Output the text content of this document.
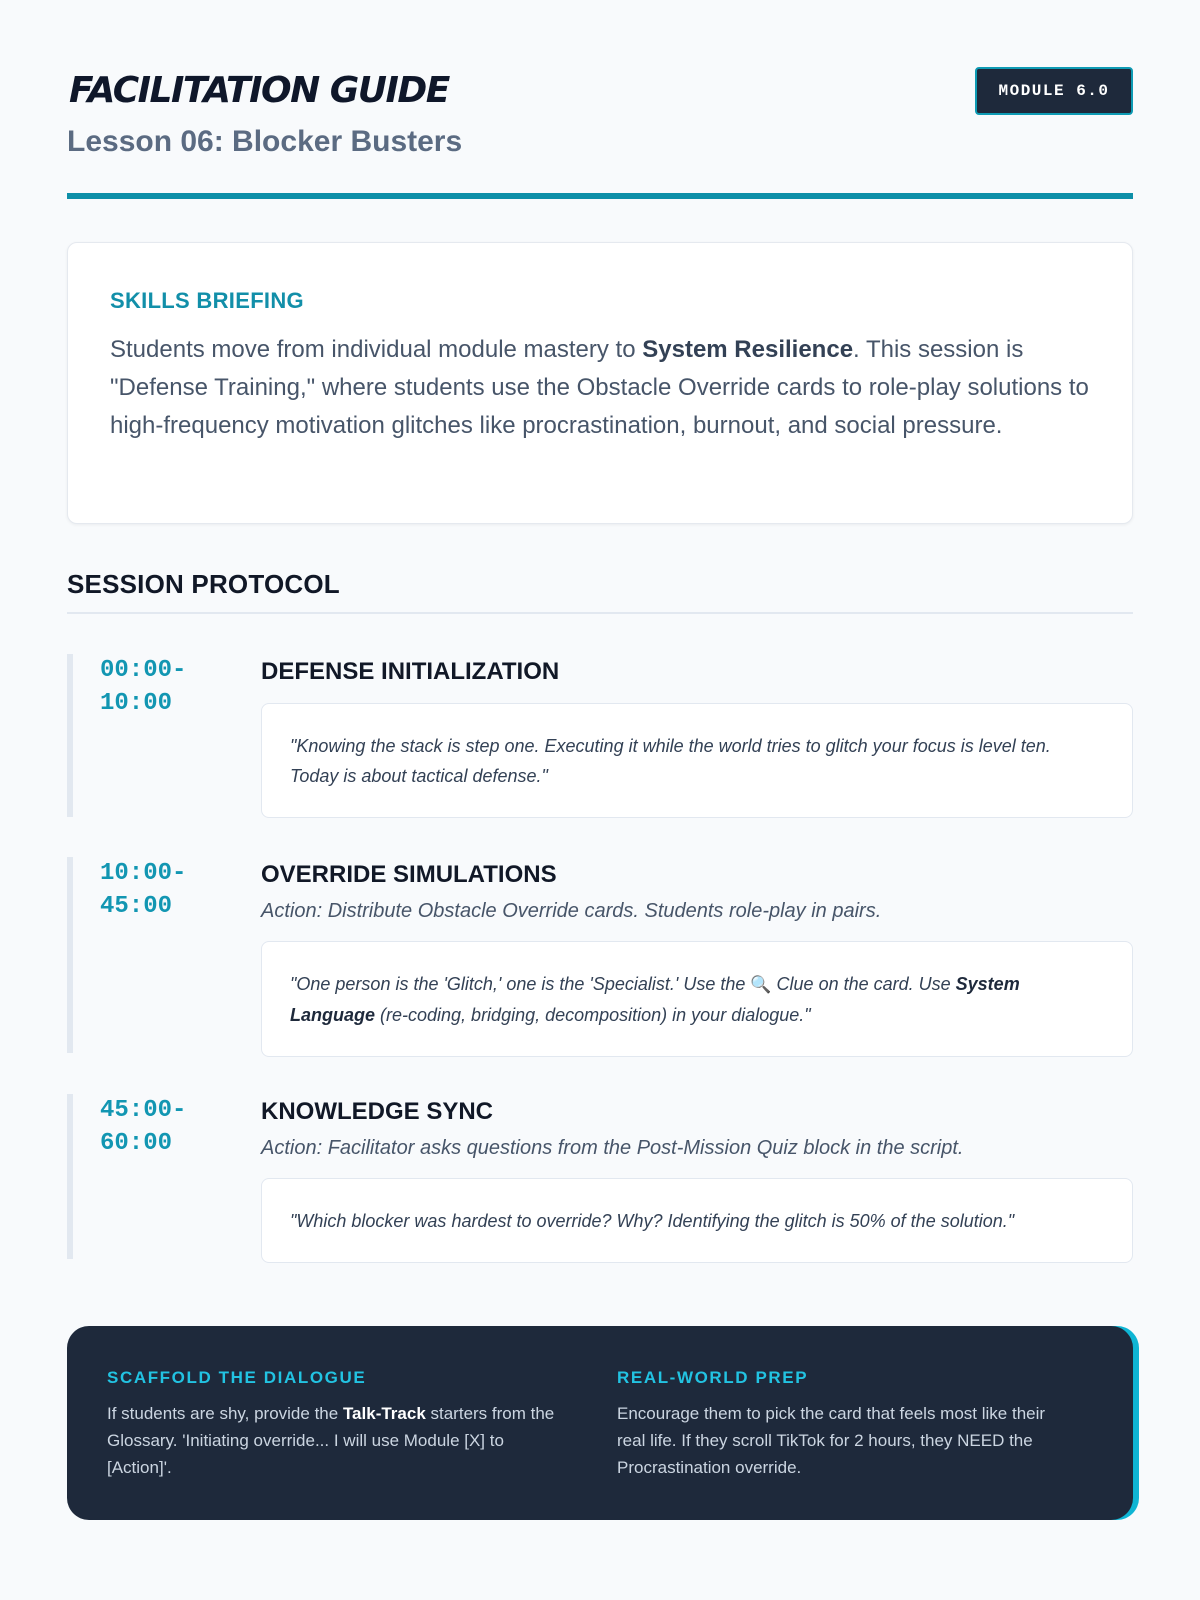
FACILITATION GUIDE
Lesson 06: Blocker Busters
MODULE 6.0
SKILLS BRIEFING

Students move from individual module mastery to System Resilience. This session is "Defense Training," where students use the Obstacle Override cards to role-play solutions to high-frequency motivation glitches like procrastination, burnout, and social pressure.

SESSION PROTOCOL
00:00-
10:00
DEFENSE INITIALIZATION
"Knowing the stack is step one. Executing it while the world tries to glitch your focus is level ten. Today is about tactical defense."
10:00-
45:00
OVERRIDE SIMULATIONS
Action: Distribute Obstacle Override cards. Students role-play in pairs.
"One person is the 'Glitch,' one is the 'Specialist.' Use the 🔍 Clue on the card. Use System Language (re-coding, bridging, decomposition) in your dialogue."
45:00-
60:00
KNOWLEDGE SYNC
Action: Facilitator asks questions from the Post-Mission Quiz block in the script.
"Which blocker was hardest to override? Why? Identifying the glitch is 50% of the solution."
SCAFFOLD THE DIALOGUE

If students are shy, provide the Talk-Track starters from the Glossary. 'Initiating override... I will use Module [X] to [Action]'.

REAL-WORLD PREP

Encourage them to pick the card that feels most like their real life. If they scroll TikTok for 2 hours, they NEED the Procrastination override.
